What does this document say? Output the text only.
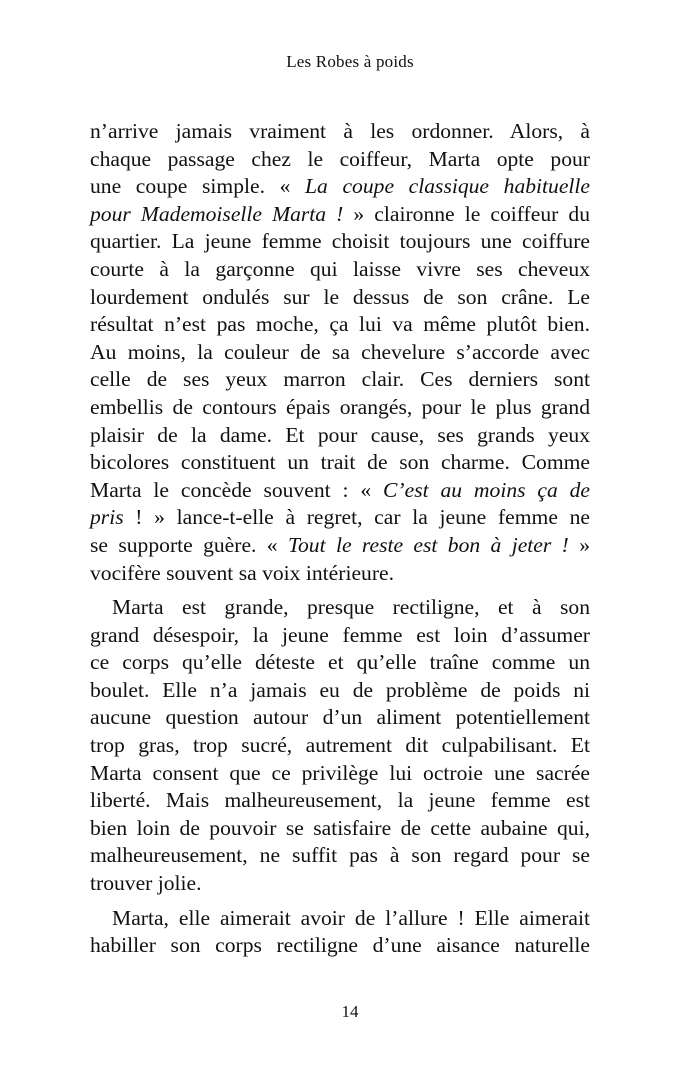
Les Robes à poids
n’arrive jamais vraiment à les ordonner. Alors, à
chaque passage chez le coiffeur, Marta opte pour
une coupe simple. « La coupe classique habituelle
pour Mademoiselle Marta ! » claironne le coiffeur du
quartier. La jeune femme choisit toujours une coiffure
courte à la garçonne qui laisse vivre ses cheveux
lourdement ondulés sur le dessus de son crâne. Le
résultat n’est pas moche, ça lui va même plutôt bien.
Au moins, la couleur de sa chevelure s’accorde avec
celle de ses yeux marron clair. Ces derniers sont
embellis de contours épais orangés, pour le plus grand
plaisir de la dame. Et pour cause, ses grands yeux
bicolores constituent un trait de son charme. Comme
Marta le concède souvent : « C’est au moins ça de
pris ! » lance-t-elle à regret, car la jeune femme ne
se supporte guère. « Tout le reste est bon à jeter ! »
vocifère souvent sa voix intérieure.
Marta est grande, presque rectiligne, et à son
grand désespoir, la jeune femme est loin d’assumer
ce corps qu’elle déteste et qu’elle traîne comme un
boulet. Elle n’a jamais eu de problème de poids ni
aucune question autour d’un aliment potentiellement
trop gras, trop sucré, autrement dit culpabilisant. Et
Marta consent que ce privilège lui octroie une sacrée
liberté. Mais malheureusement, la jeune femme est
bien loin de pouvoir se satisfaire de cette aubaine qui,
malheureusement, ne suffit pas à son regard pour se
trouver jolie.
Marta, elle aimerait avoir de l’allure ! Elle aimerait
habiller son corps rectiligne d’une aisance naturelle
14
